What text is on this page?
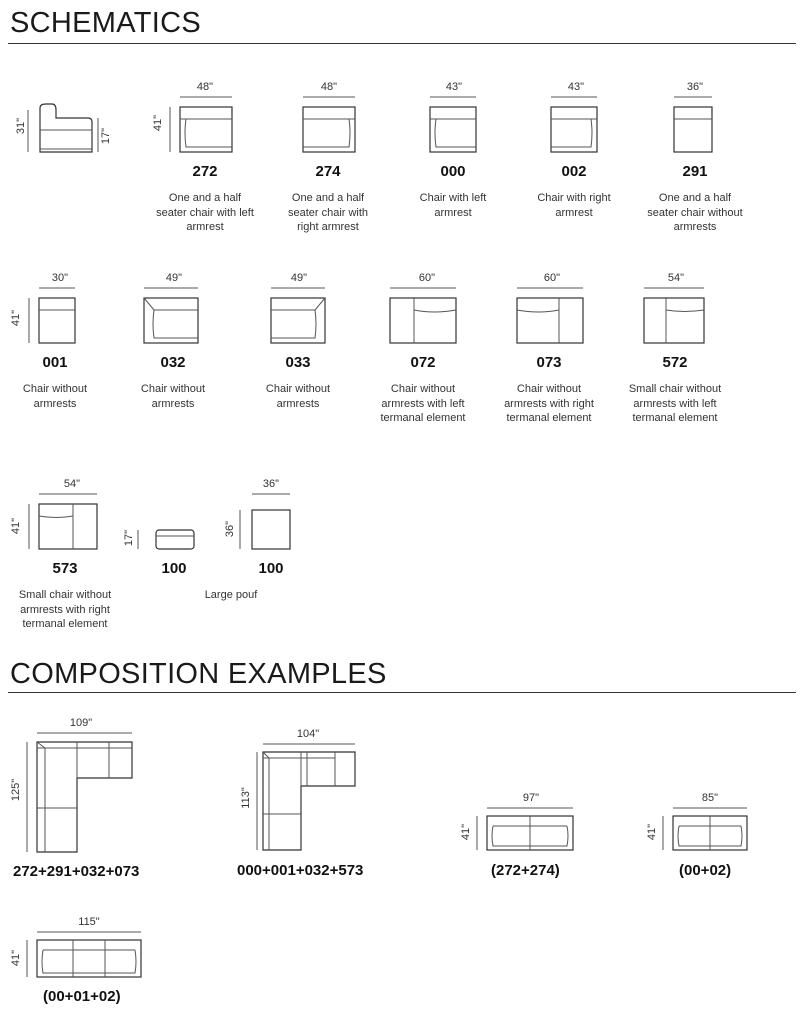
SCHEMATICS
31"
17"
48"
41"
272
One and a half seater chair with left armrest
48"
274
One and a half seater chair with right armrest
43"
000
Chair with left armrest
43"
002
Chair with right armrest
36"
291
One and a half seater chair without armrests
30"
41"
001
Chair without armrests
49"
032
Chair without armrests
49"
033
Chair without armrests
60"
072
Chair without armrests with left termanal element
60"
073
Chair without armrests with right termanal element
54"
572
Small chair without armrests with left termanal element
54"
41"
573
Small chair without armrests with right termanal element
17"
100
Large pouf
36"
36"
100
COMPOSITION EXAMPLES
109"
125"
272+291+032+073
104"
113"
000+001+032+573
97"
41"
(272+274)
85"
41"
(00+02)
115"
41"
(00+01+02)
